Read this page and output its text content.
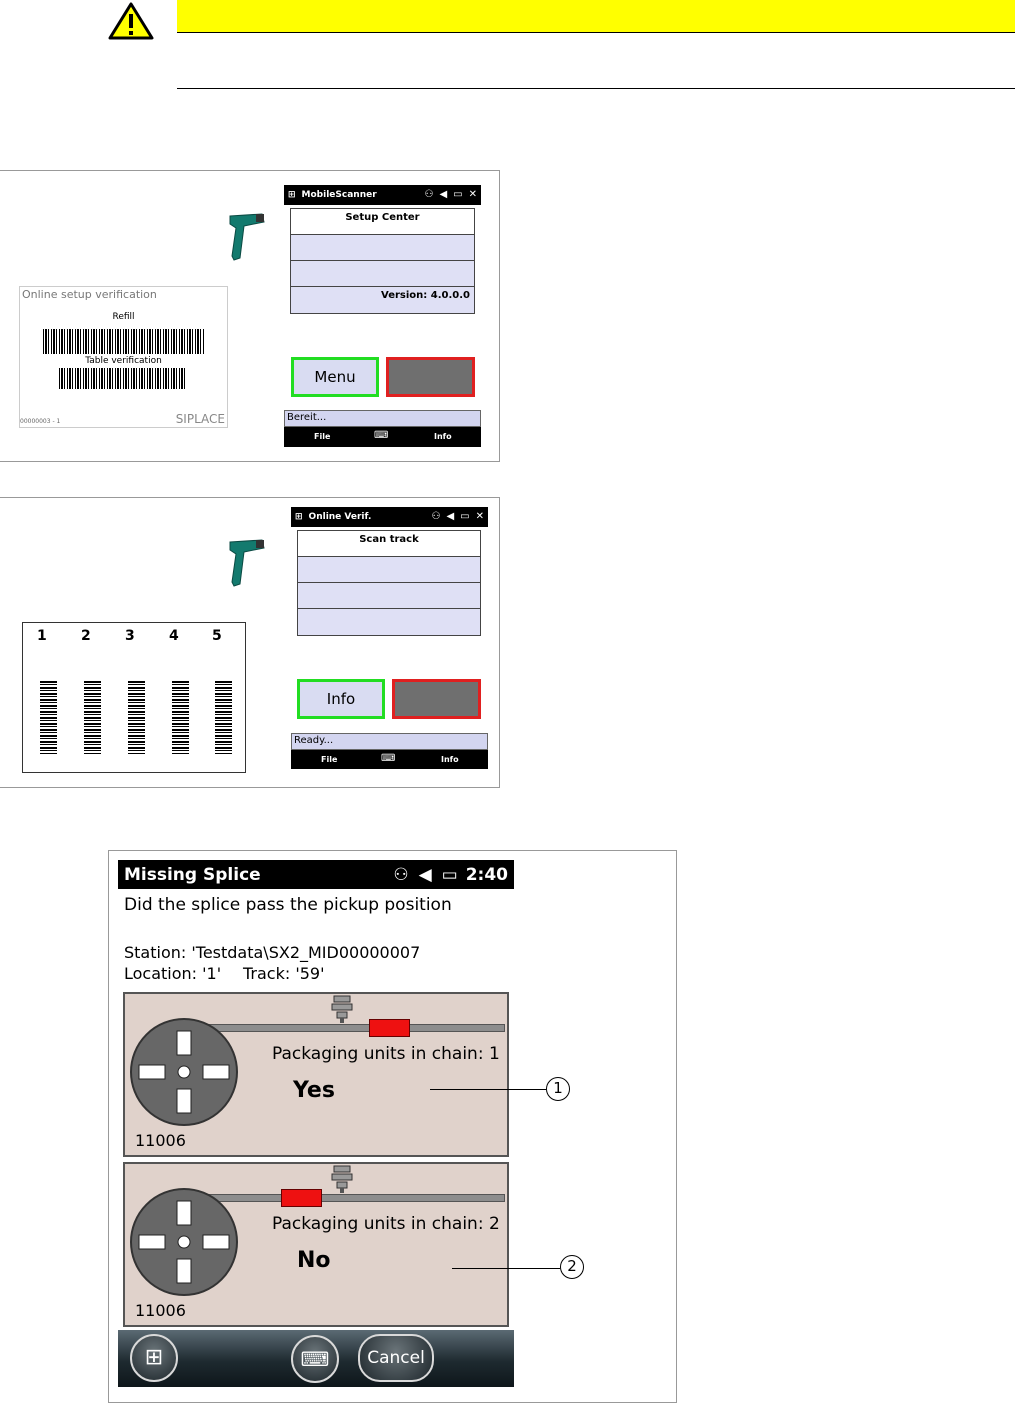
Online setup verification
Refill
Table verification
00000003 - 1	SIPLACE
⊞ MobileScanner	⚇ ◀ ▭ ✕
Setup Center
Version: 4.0.0.0
Menu
Bereit...
File	⌨	Info
1 2 3 4 5
⊞ Online Verif.	⚇ ◀ ▭ ✕
Scan track
Info
Ready...
File	⌨	Info
Missing Splice	⚇ ◀ ▭ 2:40
Did the splice pass the pickup position
Station: 'Testdata\SX2_MID00000007
Location: '1' Track: '59'
Packaging units in chain: 1
Yes
11006
Packaging units in chain: 2
No
11006
1
2
⊞	⌨	Cancel
